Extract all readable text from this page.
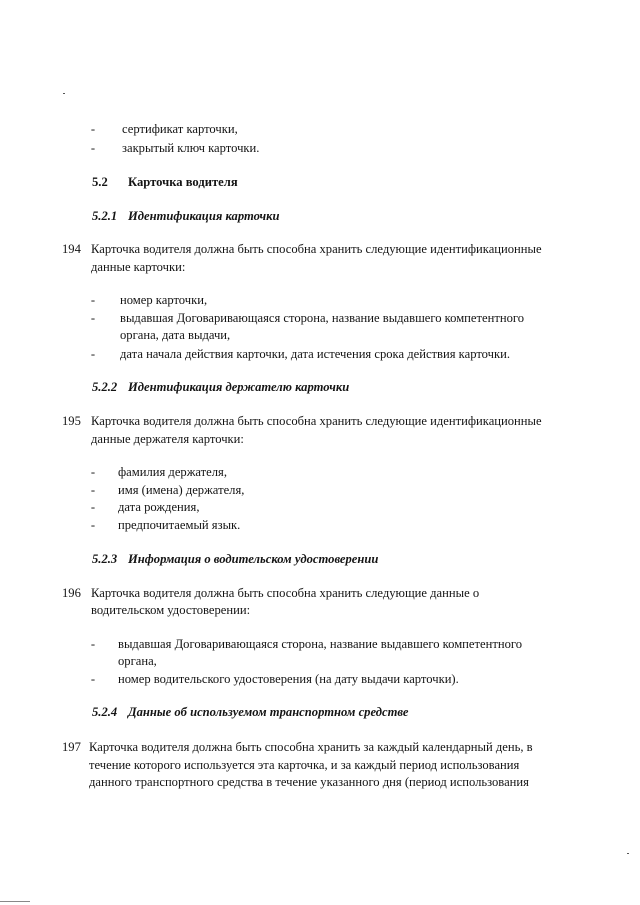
- сертификат карточки,
- закрытый ключ карточки.
5.2 Карточка водителя
5.2.1 Идентификация карточки
194 Карточка водителя должна быть способна хранить следующие идентификационные
данные карточки:
- номер карточки,
- выдавшая Договаривающаяся сторона, название выдавшего компетентного
органа, дата выдачи,
- дата начала действия карточки, дата истечения срока действия карточки.
5.2.2 Идентификация держателю карточки
195 Карточка водителя должна быть способна хранить следующие идентификационные
данные держателя карточки:
- фамилия держателя,
- имя (имена) держателя,
- дата рождения,
- предпочитаемый язык.
5.2.3 Информация о водительском удостоверении
196 Карточка водителя должна быть способна хранить следующие данные о
водительском удостоверении:
- выдавшая Договаривающаяся сторона, название выдавшего компетентного
органа,
- номер водительского удостоверения (на дату выдачи карточки).
5.2.4 Данные об используемом транспортном средстве
197 Карточка водителя должна быть способна хранить за каждый календарный день, в
течение которого используется эта карточка, и за каждый период использования
данного транспортного средства в течение указанного дня (период использования
